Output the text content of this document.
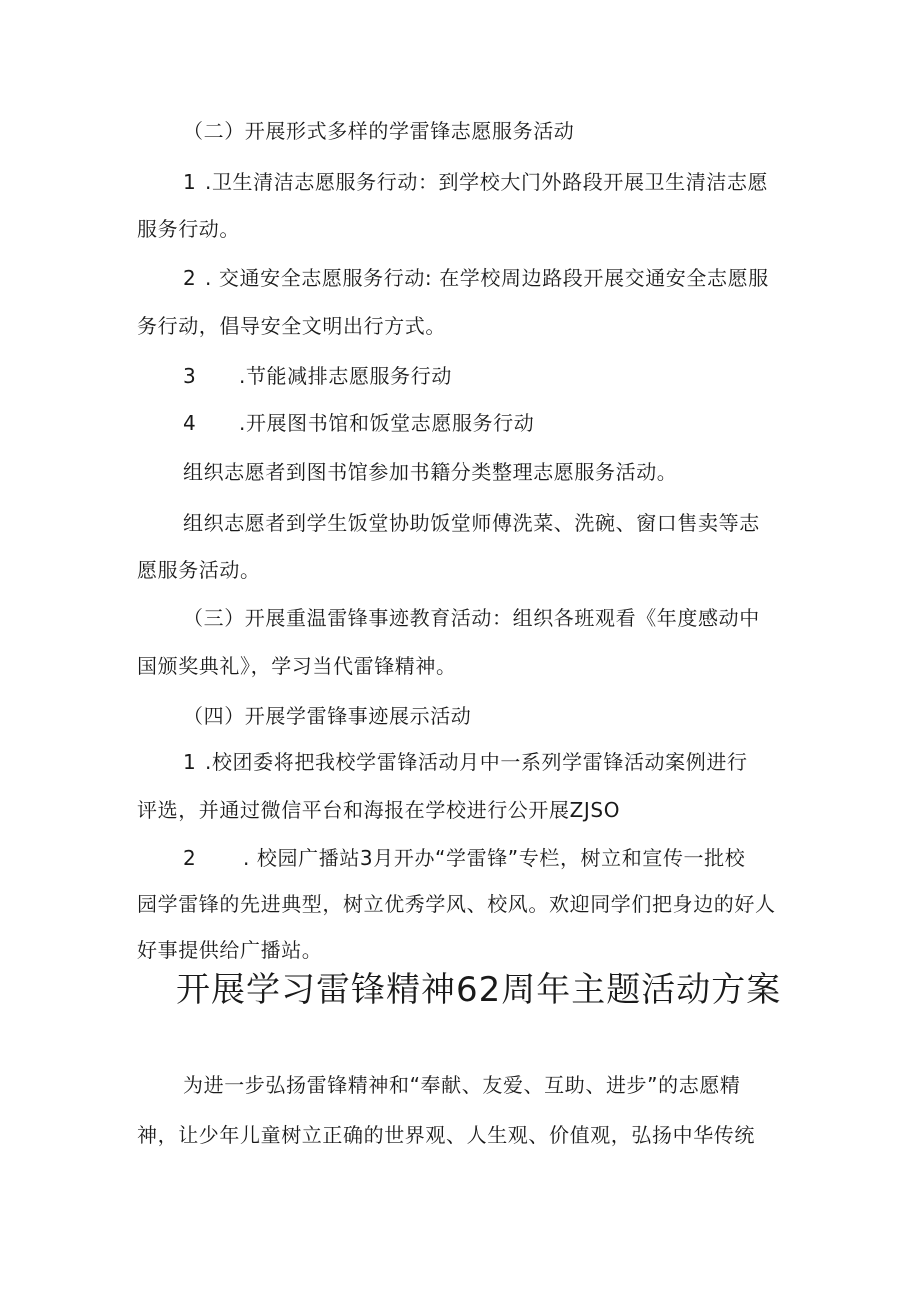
（二）开展形式多样的学雷锋志愿服务活动
1 .卫生清洁志愿服务行动：到学校大门外路段开展卫生清洁志愿
服务行动。
2 . 交通安全志愿服务行动: 在学校周边路段开展交通安全志愿服
务行动，倡导安全文明出行方式。
3 .节能减排志愿服务行动
4 .开展图书馆和饭堂志愿服务行动
组织志愿者到图书馆参加书籍分类整理志愿服务活动。
组织志愿者到学生饭堂协助饭堂师傅洗菜、洗碗、窗口售卖等志
愿服务活动。
（三）开展重温雷锋事迹教育活动：组织各班观看《年度感动中
国颁奖典礼》，学习当代雷锋精神。
（四）开展学雷锋事迹展示活动
1 .校团委将把我校学雷锋活动月中一系列学雷锋活动案例进行
评选，并通过微信平台和海报在学校进行公开展ZJSO
2 . 校园广播站3月开办“学雷锋”专栏，树立和宣传一批校
园学雷锋的先进典型，树立优秀学风、校风。欢迎同学们把身边的好人
好事提供给广播站。
开展学习雷锋精神62周年主题活动方案
为进一步弘扬雷锋精神和“奉献、友爱、互助、进步”的志愿精
神，让少年儿童树立正确的世界观、人生观、价值观，弘扬中华传统
